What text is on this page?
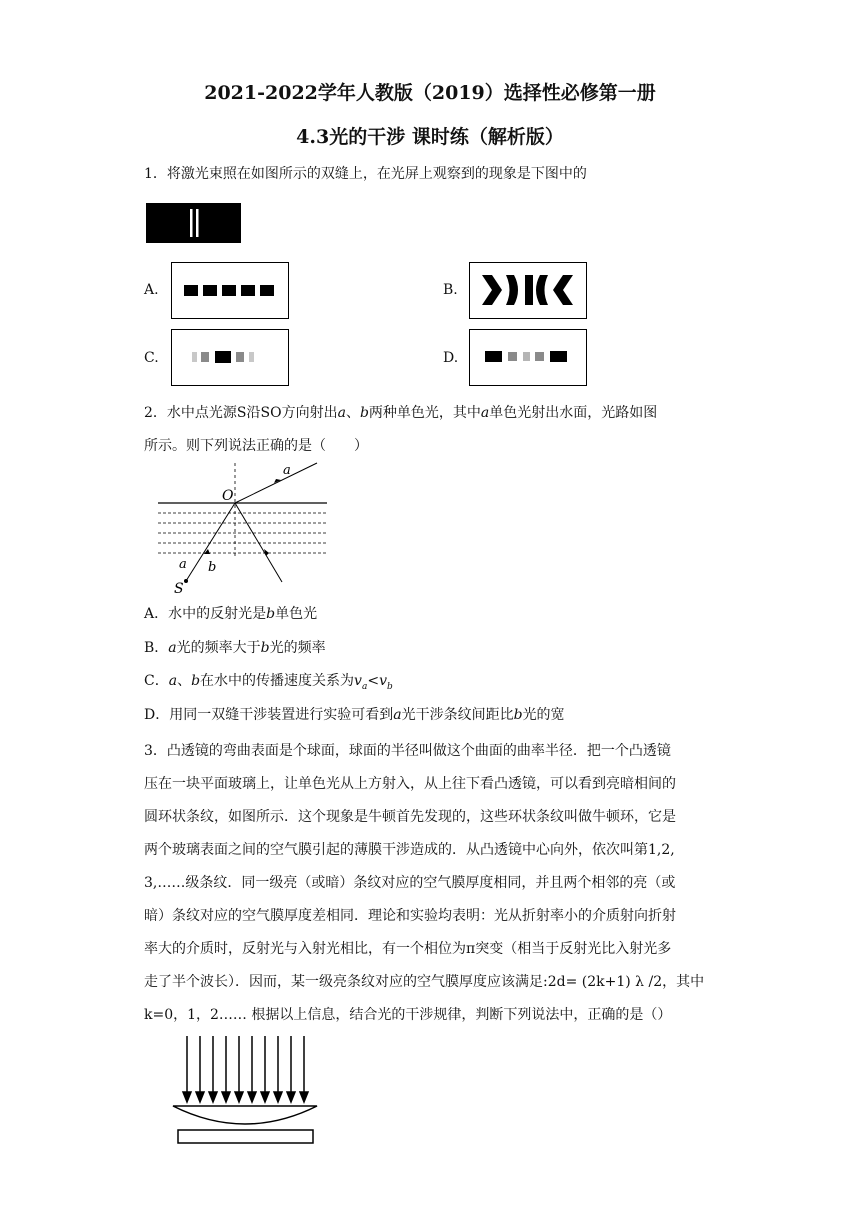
2021-2022学年人教版（2019）选择性必修第一册
4.3光的干涉 课时练（解析版）
1．将激光束照在如图所示的双缝上，在光屏上观察到的现象是下图中的
A.	B.
C.	D.
2．水中点光源S沿SO方向射出a、b两种单色光，其中a单色光射出水面，光路如图
所示。则下列说法正确的是（　　）
O
a
a b
S
A．水中的反射光是b单色光
B．a光的频率大于b光的频率
C．a、b在水中的传播速度关系为$v_a<v_b$
D．用同一双缝干涉装置进行实验可看到a光干涉条纹间距比b光的宽
3．凸透镜的弯曲表面是个球面，球面的半径叫做这个曲面的曲率半径．把一个凸透镜
压在一块平面玻璃上，让单色光从上方射入，从上往下看凸透镜，可以看到亮暗相间的
圆环状条纹，如图所示．这个现象是牛顿首先发现的，这些环状条纹叫做牛顿环，它是
两个玻璃表面之间的空气膜引起的薄膜干涉造成的．从凸透镜中心向外，依次叫第1,2,
3,……级条纹．同一级亮（或暗）条纹对应的空气膜厚度相同，并且两个相邻的亮（或
暗）条纹对应的空气膜厚度差相同．理论和实验均表明：光从折射率小的介质射向折射
率大的介质时，反射光与入射光相比，有一个相位为π突变（相当于反射光比入射光多
走了半个波长）．因而，某一级亮条纹对应的空气膜厚度应该满足:2d= (2k+1) λ /2，其中
k=0，1，2…… 根据以上信息，结合光的干涉规律，判断下列说法中，正确的是（）
